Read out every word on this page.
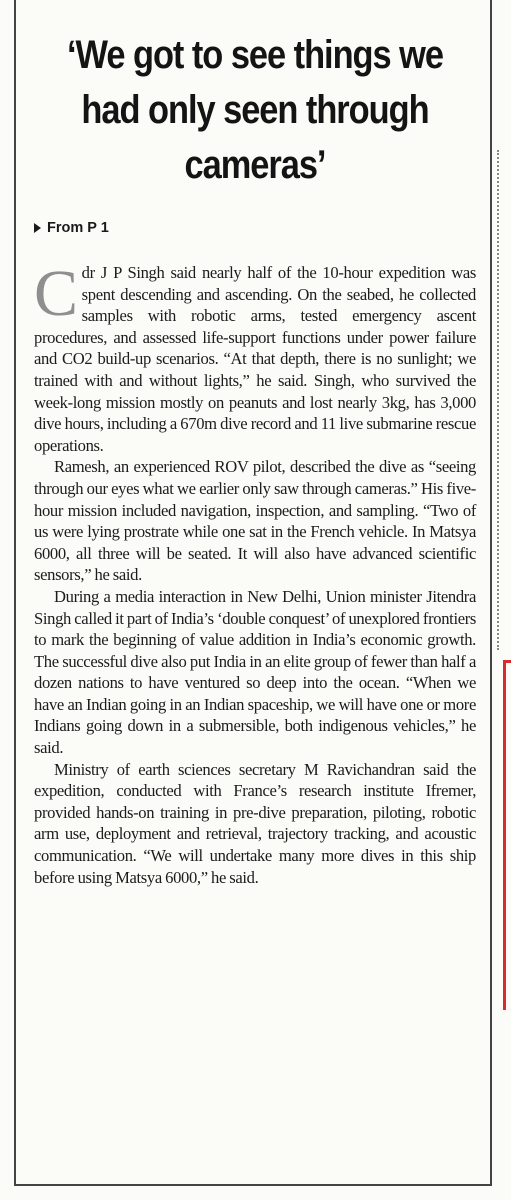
‘We got to see things we had only seen through cameras’
From P 1

Cdr J P Singh said nearly half of the 10-hour expedition was spent descending and ascending. On the seabed, he collected samples with robotic arms, tested emergency ascent procedures, and assessed life-support functions under power failure and CO2 build-up scenarios. “At that depth, there is no sunlight; we trained with and without lights,” he said. Singh, who survived the week-long mission mostly on peanuts and lost nearly 3kg, has 3,000 dive hours, including a 670m dive record and 11 live submarine rescue operations.

Ramesh, an experienced ROV pilot, described the dive as “seeing through our eyes what we earlier only saw through cameras.” His five-hour mission included navigation, inspection, and sampling. “Two of us were lying prostrate while one sat in the French vehicle. In Matsya 6000, all three will be seated. It will also have advanced scientific sensors,” he said.

During a media interaction in New Delhi, Union minister Jitendra Singh called it part of India’s ‘double conquest’ of unexplored frontiers to mark the beginning of value addition in India’s economic growth. The successful dive also put India in an elite group of fewer than half a dozen nations to have ventured so deep into the ocean. “When we have an Indian going in an Indian spaceship, we will have one or more Indians going down in a submersible, both indigenous vehicles,” he said.

Ministry of earth sciences secretary M Ravichandran said the expedition, conducted with France’s research institute Ifremer, provided hands-on training in pre-dive preparation, piloting, robotic arm use, deployment and retrieval, trajectory tracking, and acoustic communication. “We will undertake many more dives in this ship before using Matsya 6000,” he said.
